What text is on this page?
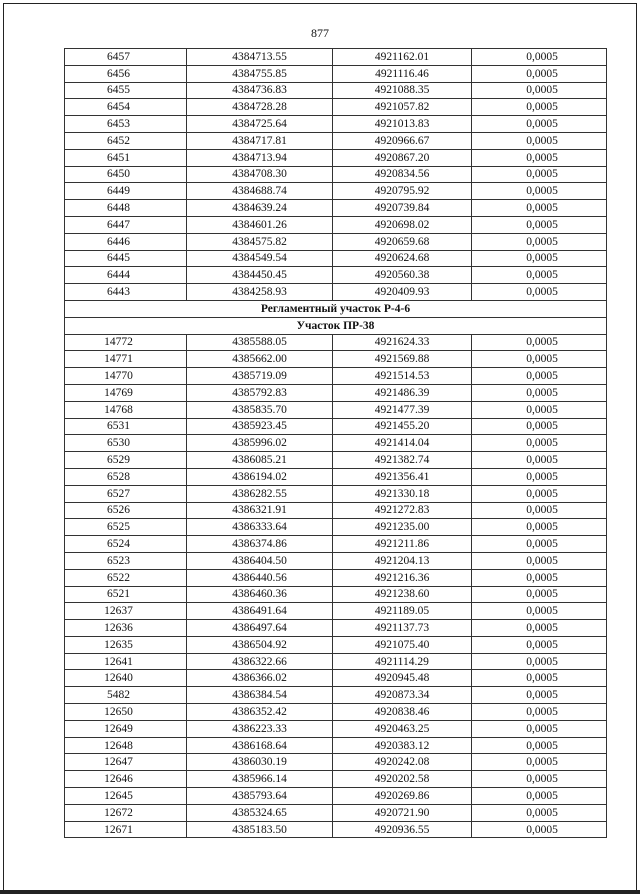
877
6457	4384713.55	4921162.01	0,0005
6456	4384755.85	4921116.46	0,0005
6455	4384736.83	4921088.35	0,0005
6454	4384728.28	4921057.82	0,0005
6453	4384725.64	4921013.83	0,0005
6452	4384717.81	4920966.67	0,0005
6451	4384713.94	4920867.20	0,0005
6450	4384708.30	4920834.56	0,0005
6449	4384688.74	4920795.92	0,0005
6448	4384639.24	4920739.84	0,0005
6447	4384601.26	4920698.02	0,0005
6446	4384575.82	4920659.68	0,0005
6445	4384549.54	4920624.68	0,0005
6444	4384450.45	4920560.38	0,0005
6443	4384258.93	4920409.93	0,0005
Регламентный участок Р-4-6			
Участок ПР-38			
14772	4385588.05	4921624.33	0,0005
14771	4385662.00	4921569.88	0,0005
14770	4385719.09	4921514.53	0,0005
14769	4385792.83	4921486.39	0,0005
14768	4385835.70	4921477.39	0,0005
6531	4385923.45	4921455.20	0,0005
6530	4385996.02	4921414.04	0,0005
6529	4386085.21	4921382.74	0,0005
6528	4386194.02	4921356.41	0,0005
6527	4386282.55	4921330.18	0,0005
6526	4386321.91	4921272.83	0,0005
6525	4386333.64	4921235.00	0,0005
6524	4386374.86	4921211.86	0,0005
6523	4386404.50	4921204.13	0,0005
6522	4386440.56	4921216.36	0,0005
6521	4386460.36	4921238.60	0,0005
12637	4386491.64	4921189.05	0,0005
12636	4386497.64	4921137.73	0,0005
12635	4386504.92	4921075.40	0,0005
12641	4386322.66	4921114.29	0,0005
12640	4386366.02	4920945.48	0,0005
5482	4386384.54	4920873.34	0,0005
12650	4386352.42	4920838.46	0,0005
12649	4386223.33	4920463.25	0,0005
12648	4386168.64	4920383.12	0,0005
12647	4386030.19	4920242.08	0,0005
12646	4385966.14	4920202.58	0,0005
12645	4385793.64	4920269.86	0,0005
12672	4385324.65	4920721.90	0,0005
12671	4385183.50	4920936.55	0,0005
